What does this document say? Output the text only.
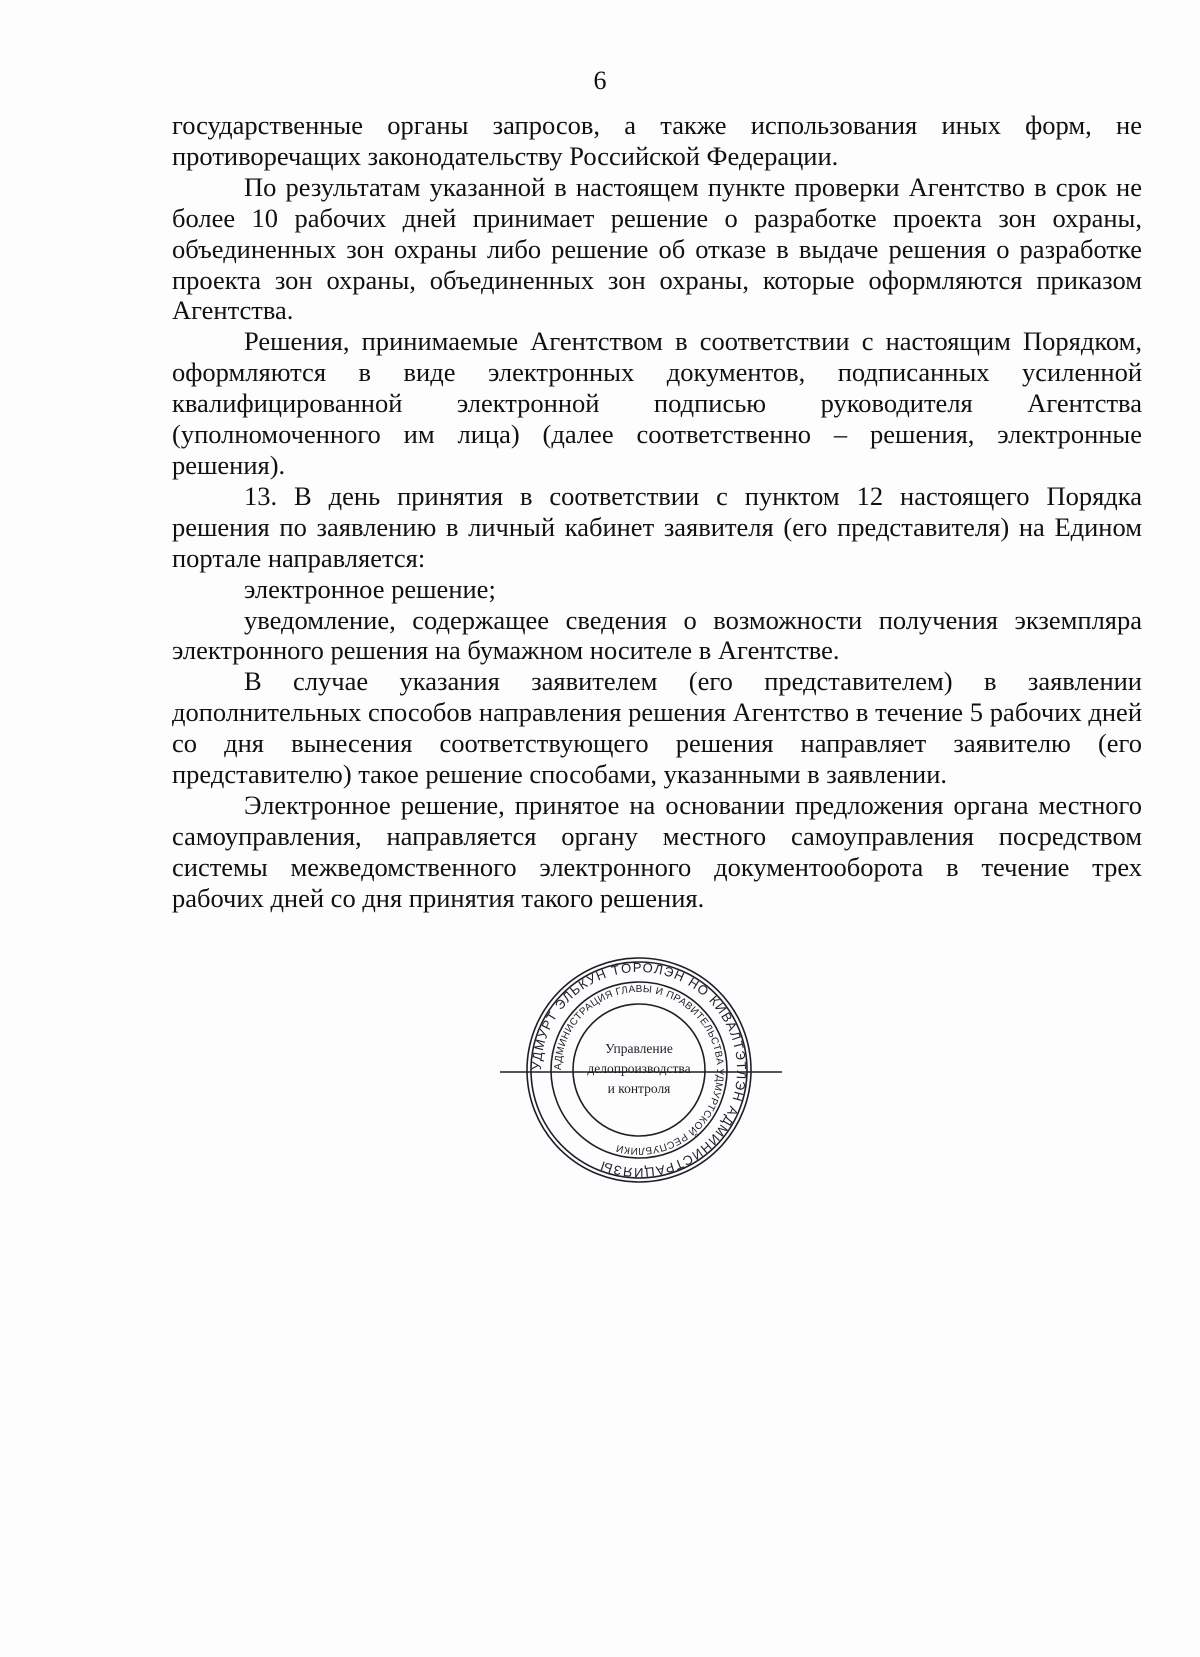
6

государственные органы запросов, а также использования иных форм, не противоречащих законодательству Российской Федерации.

По результатам указанной в настоящем пункте проверки Агентство в срок не более 10 рабочих дней принимает решение о разработке проекта зон охраны, объединенных зон охраны либо решение об отказе в выдаче решения о разработке проекта зон охраны, объединенных зон охраны, которые оформляются приказом Агентства.

Решения, принимаемые Агентством в соответствии с настоящим Порядком, оформляются в виде электронных документов, подписанных усиленной квалифицированной электронной подписью руководителя Агентства (уполномоченного им лица) (далее соответственно – решения, электронные решения).

13. В день принятия в соответствии с пунктом 12 настоящего Порядка решения по заявлению в личный кабинет заявителя (его представителя) на Едином портале направляется:

электронное решение;

уведомление, содержащее сведения о возможности получения экземпляра электронного решения на бумажном носителе в Агентстве.

В случае указания заявителем (его представителем) в заявлении дополнительных способов направления решения Агентство в течение 5 рабочих дней со дня вынесения соответствующего решения направляет заявителю (его представителю) такое решение способами, указанными в заявлении.

Электронное решение, принятое на основании предложения органа местного самоуправления, направляется органу местного самоуправления посредством системы межведомственного электронного документооборота в течение трех рабочих дней со дня принятия такого решения.

УДМУРТ ЭЛЬКУН ТӦРОЛЭН НО КИВАЛТЭТЛЭН АДМИНИСТРАЦИЯЗЫ
АДМИНИСТРАЦИЯ ГЛАВЫ И ПРАВИТЕЛЬСТВА УДМУРТСКОЙ РЕСПУБЛИКИ
Управление
делопроизводства
и контроля
